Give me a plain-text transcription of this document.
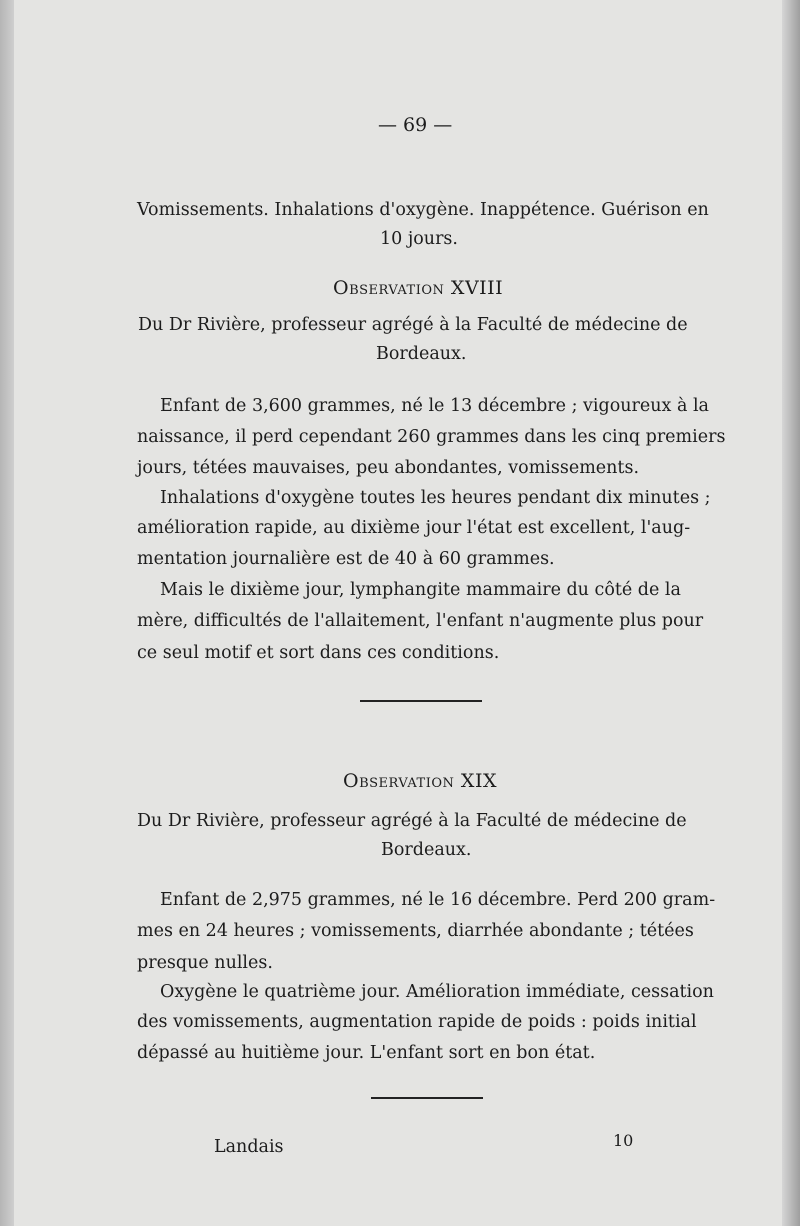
— 69 —
Vomissements. Inhalations d'oxygène. Inappétence. Guérison en
10 jours.
Observation XVIII
Du Dr Rivière, professeur agrégé à la Faculté de médecine de
Bordeaux.
Enfant de 3,600 grammes, né le 13 décembre ; vigoureux à la
naissance, il perd cependant 260 grammes dans les cinq premiers
jours, tétées mauvaises, peu abondantes, vomissements.
Inhalations d'oxygène toutes les heures pendant dix minutes ;
amélioration rapide, au dixième jour l'état est excellent, l'aug-
mentation journalière est de 40 à 60 grammes.
Mais le dixième jour, lymphangite mammaire du côté de la
mère, difficultés de l'allaitement, l'enfant n'augmente plus pour
ce seul motif et sort dans ces conditions.
Observation XIX
Du Dr Rivière, professeur agrégé à la Faculté de médecine de
Bordeaux.
Enfant de 2,975 grammes, né le 16 décembre. Perd 200 gram-
mes en 24 heures ; vomissements, diarrhée abondante ; tétées
presque nulles.
Oxygène le quatrième jour. Amélioration immédiate, cessation
des vomissements, augmentation rapide de poids : poids initial
dépassé au huitième jour. L'enfant sort en bon état.
Landais	10
